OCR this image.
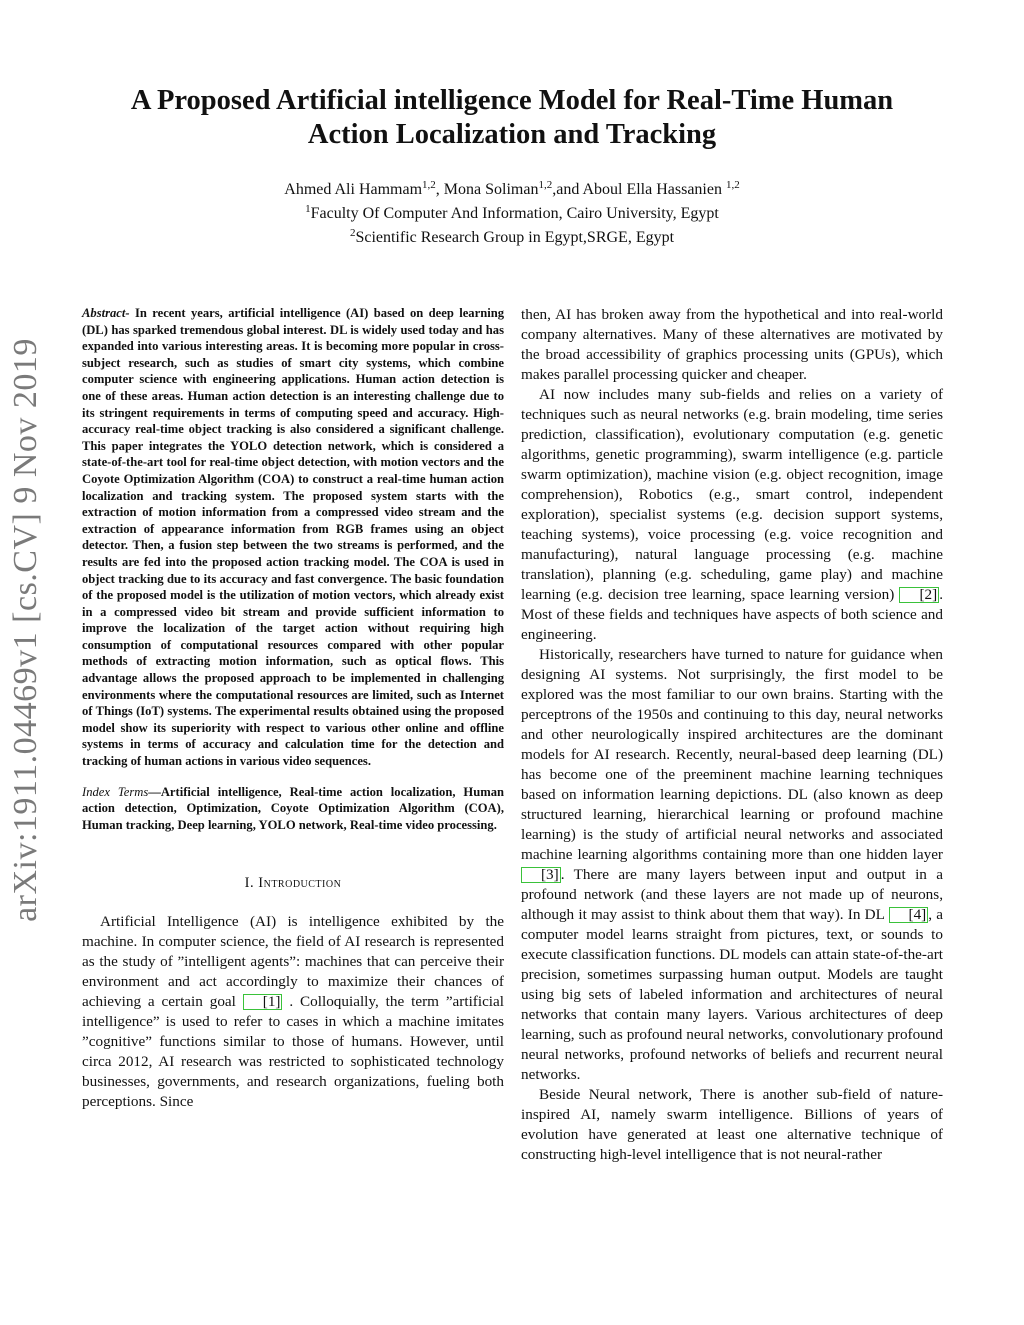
arXiv:1911.04469v1 [cs.CV] 9 Nov 2019
A Proposed Artificial intelligence Model for Real-Time Human Action Localization and Tracking
Ahmed Ali Hammam$^{1,2}$, Mona Soliman$^{1,2}$,and Aboul Ella Hassanien $^{1,2}$
$^1$Faculty Of Computer And Information, Cairo University, Egypt
$^2$Scientific Research Group in Egypt,SRGE, Egypt

Abstract- In recent years, artificial intelligence (AI) based on deep learning (DL) has sparked tremendous global interest. DL is widely used today and has expanded into various interesting areas. It is becoming more popular in cross-subject research, such as studies of smart city systems, which combine computer science with engineering applications. Human action detection is one of these areas. Human action detection is an interesting challenge due to its stringent requirements in terms of computing speed and accuracy. High-accuracy real-time object tracking is also considered a significant challenge. This paper integrates the YOLO detection network, which is considered a state-of-the-art tool for real-time object detection, with motion vectors and the Coyote Optimization Algorithm (COA) to construct a real-time human action localization and tracking system. The proposed system starts with the extraction of motion information from a compressed video stream and the extraction of appearance information from RGB frames using an object detector. Then, a fusion step between the two streams is performed, and the results are fed into the proposed action tracking model. The COA is used in object tracking due to its accuracy and fast convergence. The basic foundation of the proposed model is the utilization of motion vectors, which already exist in a compressed video bit stream and provide sufficient information to improve the localization of the target action without requiring high consumption of computational resources compared with other popular methods of extracting motion information, such as optical flows. This advantage allows the proposed approach to be implemented in challenging environments where the computational resources are limited, such as Internet of Things (IoT) systems. The experimental results obtained using the proposed model show its superiority with respect to various other online and offline systems in terms of accuracy and calculation time for the detection and tracking of human actions in various video sequences.

Index Terms—Artificial intelligence, Real-time action localization, Human action detection, Optimization, Coyote Optimization Algorithm (COA), Human tracking, Deep learning, YOLO network, Real-time video processing.

I. Introduction

Artificial Intelligence (AI) is intelligence exhibited by the machine. In computer science, the field of AI research is represented as the study of ”intelligent agents”: machines that can perceive their environment and act accordingly to maximize their chances of achieving a certain goal [1] . Colloquially, the term ”artificial intelligence” is used to refer to cases in which a machine imitates ”cognitive” functions similar to those of humans. However, until circa 2012, AI research was restricted to sophisticated technology businesses, governments, and research organizations, fueling both perceptions. Since

then, AI has broken away from the hypothetical and into real-world company alternatives. Many of these alternatives are motivated by the broad accessibility of graphics processing units (GPUs), which makes parallel processing quicker and cheaper.

AI now includes many sub-fields and relies on a variety of techniques such as neural networks (e.g. brain modeling, time series prediction, classification), evolutionary computation (e.g. genetic algorithms, genetic programming), swarm intelligence (e.g. particle swarm optimization), machine vision (e.g. object recognition, image comprehension), Robotics (e.g., smart control, independent exploration), specialist systems (e.g. decision support systems, teaching systems), voice processing (e.g. voice recognition and manufacturing), natural language processing (e.g. machine translation), planning (e.g. scheduling, game play) and machine learning (e.g. decision tree learning, space learning version) [2] . Most of these fields and techniques have aspects of both science and engineering.

Historically, researchers have turned to nature for guidance when designing AI systems. Not surprisingly, the first model to be explored was the most familiar to our own brains. Starting with the perceptrons of the 1950s and continuing to this day, neural networks and other neurologically inspired architectures are the dominant models for AI research. Recently, neural-based deep learning (DL) has become one of the preeminent machine learning techniques based on information learning depictions. DL (also known as deep structured learning, hierarchical learning or profound machine learning) is the study of artificial neural networks and associated machine learning algorithms containing more than one hidden layer [3] . There are many layers between input and output in a profound network (and these layers are not made up of neurons, although it may assist to think about them that way). In DL [4] , a computer model learns straight from pictures, text, or sounds to execute classification functions. DL models can attain state-of-the-art precision, sometimes surpassing human output. Models are taught using big sets of labeled information and architectures of neural networks that contain many layers. Various architectures of deep learning, such as profound neural networks, convolutionary profound neural networks, profound networks of beliefs and recurrent neural networks.

Beside Neural network, There is another sub-field of nature-inspired AI, namely swarm intelligence. Billions of years of evolution have generated at least one alternative technique of constructing high-level intelligence that is not neural-rather
